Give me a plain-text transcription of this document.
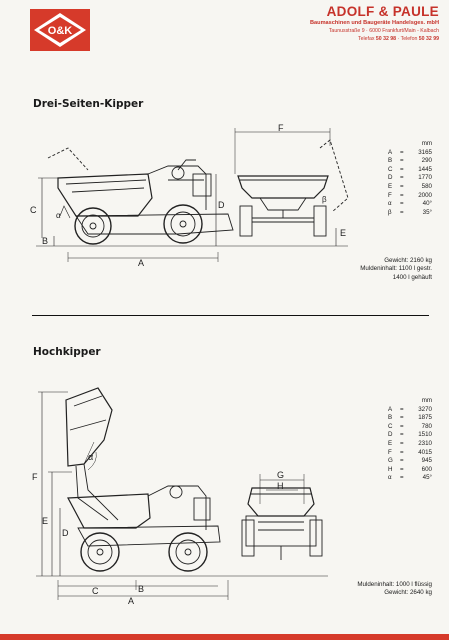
O&K
ADOLF & PAULE
Baumaschinen und Baugeräte Handelsges. mbH
Taunusstraße 9 · 6000 Frankfurt/Main - Kalbach
Telefax 50 32 98 · Telefon 50 32 99
Drei-Seiten-Kipper
F
C
α
B
D
A
β
E
mm
A	=	3165
B	=	290
C	=	1445
D	=	1770
E	=	580
F	=	2000
α	=	40°
β	=	35°
Gewicht: 2160 kg
Muldeninhalt: 1100 l gestr.
1400 l gehäuft
Hochkipper
α
F
E
D
C	B
A
G
H
mm
A	=	3270
B	=	1875
C	=	780
D	=	1510
E	=	2310
F	=	4015
G	=	945
H	=	600
α	=	45°
Muldeninhalt: 1000 l flüssig
Gewicht: 2640 kg
